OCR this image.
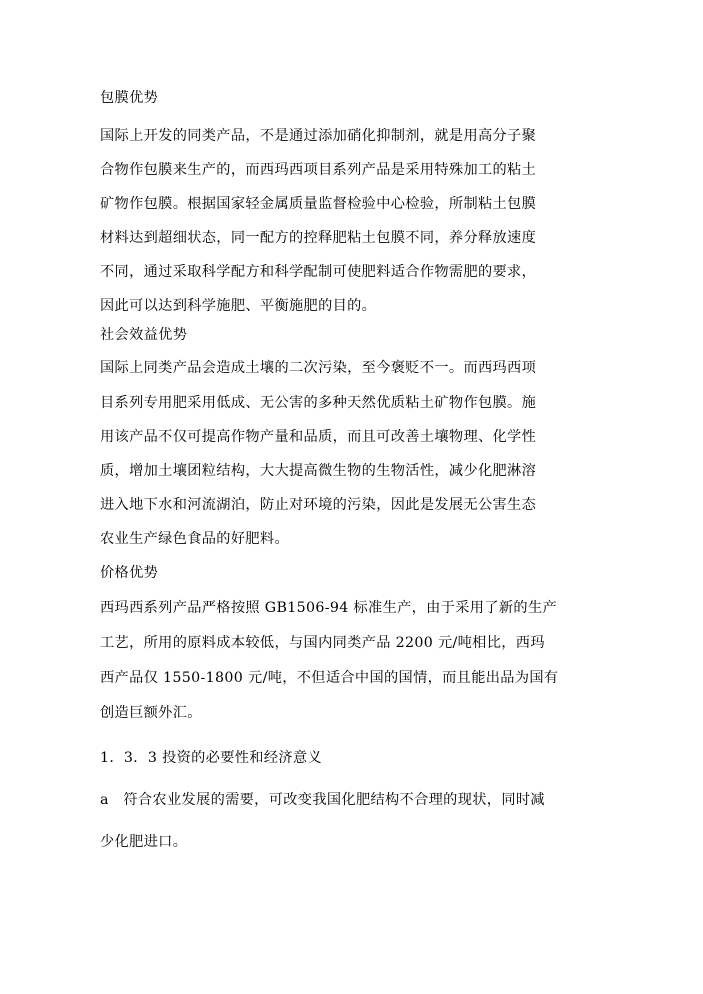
包膜优势
国际上开发的同类产品，不是通过添加硝化抑制剂，就是用高分子聚
合物作包膜来生产的，而西玛西项目系列产品是采用特殊加工的粘土
矿物作包膜。根据国家轻金属质量监督检验中心检验，所制粘土包膜
材料达到超细状态，同一配方的控释肥粘土包膜不同，养分释放速度
不同，通过采取科学配方和科学配制可使肥料适合作物需肥的要求，
因此可以达到科学施肥、平衡施肥的目的。
社会效益优势
国际上同类产品会造成土壤的二次污染，至今褒贬不一。而西玛西项
目系列专用肥采用低成、无公害的多种天然优质粘土矿物作包膜。施
用该产品不仅可提高作物产量和品质，而且可改善土壤物理、化学性
质，增加土壤团粒结构，大大提高微生物的生物活性，减少化肥淋溶
进入地下水和河流湖泊，防止对环境的污染，因此是发展无公害生态
农业生产绿色食品的好肥料。
价格优势
西玛西系列产品严格按照 GB1506-94 标准生产，由于采用了新的生产
工艺，所用的原料成本较低，与国内同类产品 2200 元/吨相比，西玛
西产品仅 1550-1800 元/吨，不但适合中国的国情，而且能出品为国有
创造巨额外汇。
1．3．3 投资的必要性和经济意义
a　符合农业发展的需要，可改变我国化肥结构不合理的现状，同时减
少化肥进口。
